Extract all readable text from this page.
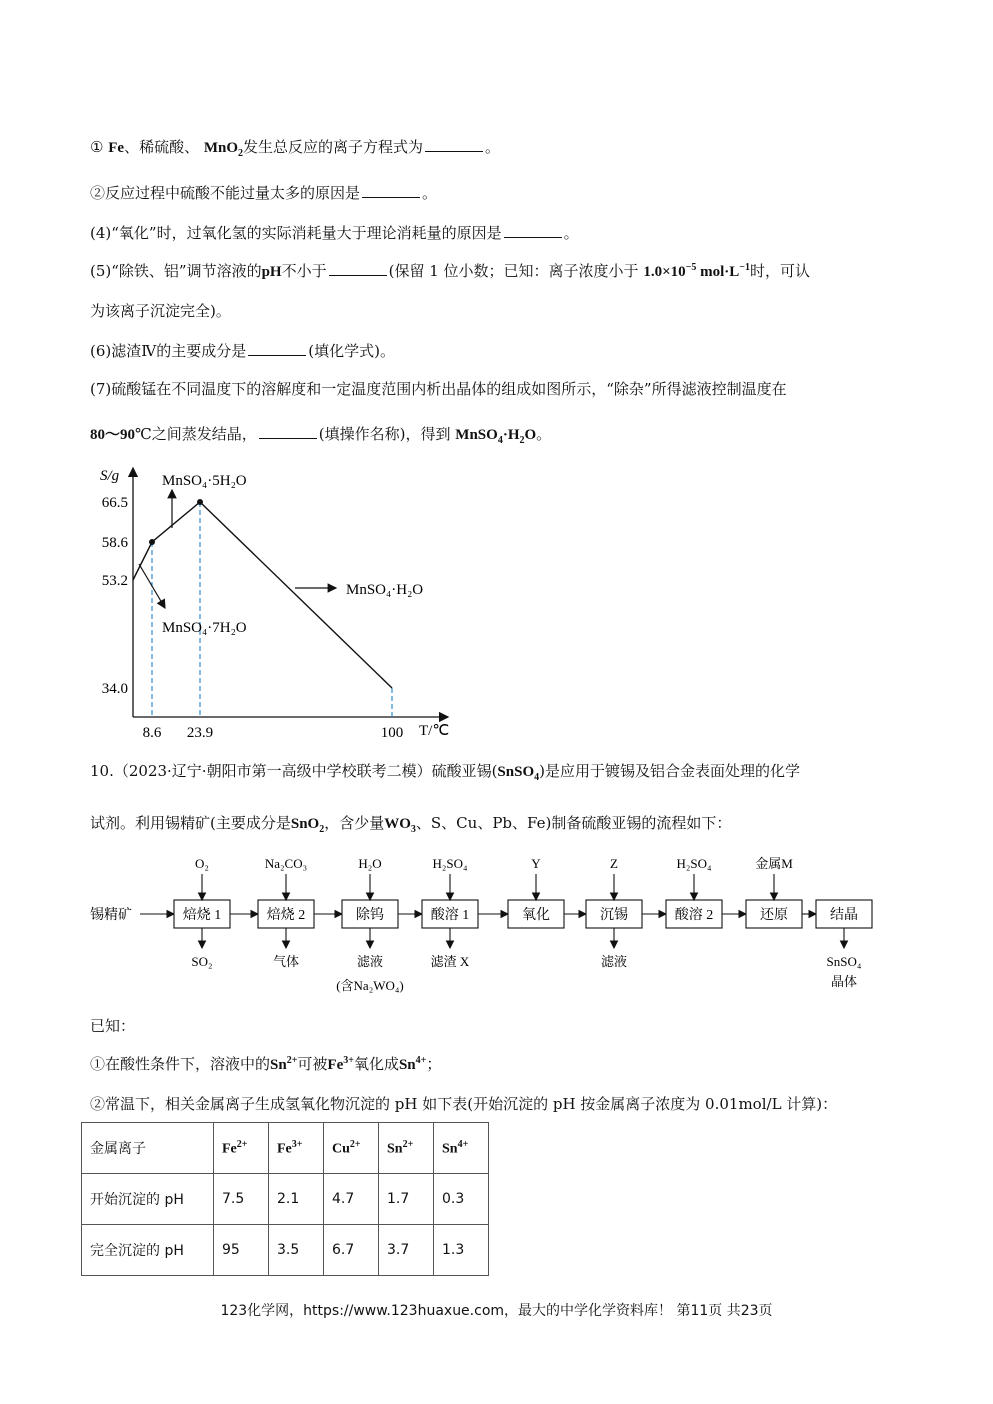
① Fe、稀硫酸、 MnO$_2$发生总反应的离子方程式为	。
②反应过程中硫酸不能过量太多的原因是	。
(4)“氧化”时，过氧化氢的实际消耗量大于理论消耗量的原因是	。
(5)“除铁、铝”调节溶液的pH不小于	(保留 1 位小数；已知：离子浓度小于 $1.0\times 10^{-5}$ $mol\cdot L^{-1}$时，可认
为该离子沉淀完全)。
(6)滤渣Ⅳ的主要成分是	(填化学式)。
(7)硫酸锰在不同温度下的溶解度和一定温度范围内析出晶体的组成如图所示，“除杂”所得滤液控制温度在
80～90℃之间蒸发结晶，	(填操作名称)，得到 $MnSO_4\cdot H_2O$。
S/g
T/℃
8.6 23.9	100
66.5
58.6
53.2
34.0
MnSO₄·5H₂O
MnSO₄·H₂O
MnSO₄·7H₂O
10.（2023·辽宁·朝阳市第一高级中学校联考二模）硫酸亚锡(SnSO$_4$)是应用于镀锡及铝合金表面处理的化学
试剂。利用锡精矿(主要成分是SnO$_2$，含少量$WO_3$、S、Cu、Pb、Fe)制备硫酸亚锡的流程如下：
锡精矿	焙烧 1	焙烧 2	除钨	酸溶 1	氧化	沉锡	酸溶 2	还原	结晶
O₂	Na₂CO₃	H₂O	H₂SO₄	Y	Z	H₂SO₄	金属M
SO₂	气体	滤液	滤渣 X	滤液	SnSO₄
(含Na₂WO₄)	晶体
已知：
①在酸性条件下，溶液中的$Sn^{2+}$可被$Fe^{3+}$氧化成$Sn^{4+}$；
②常温下，相关金属离子生成氢氧化物沉淀的 pH 如下表(开始沉淀的 pH 按金属离子浓度为 0.01mol/L 计算)：
金属离子	$Fe^{2+}$	$Fe^{3+}$	$Cu^{2+}$	$Sn^{2+}$	$Sn^{4+}$
开始沉淀的 pH	7.5	2.1	4.7	1.7	0.3
完全沉淀的 pH	95	3.5	6.7	3.7	1.3
123化学网，https://www.123huaxue.com，最大的中学化学资料库！ 第11页 共23页
